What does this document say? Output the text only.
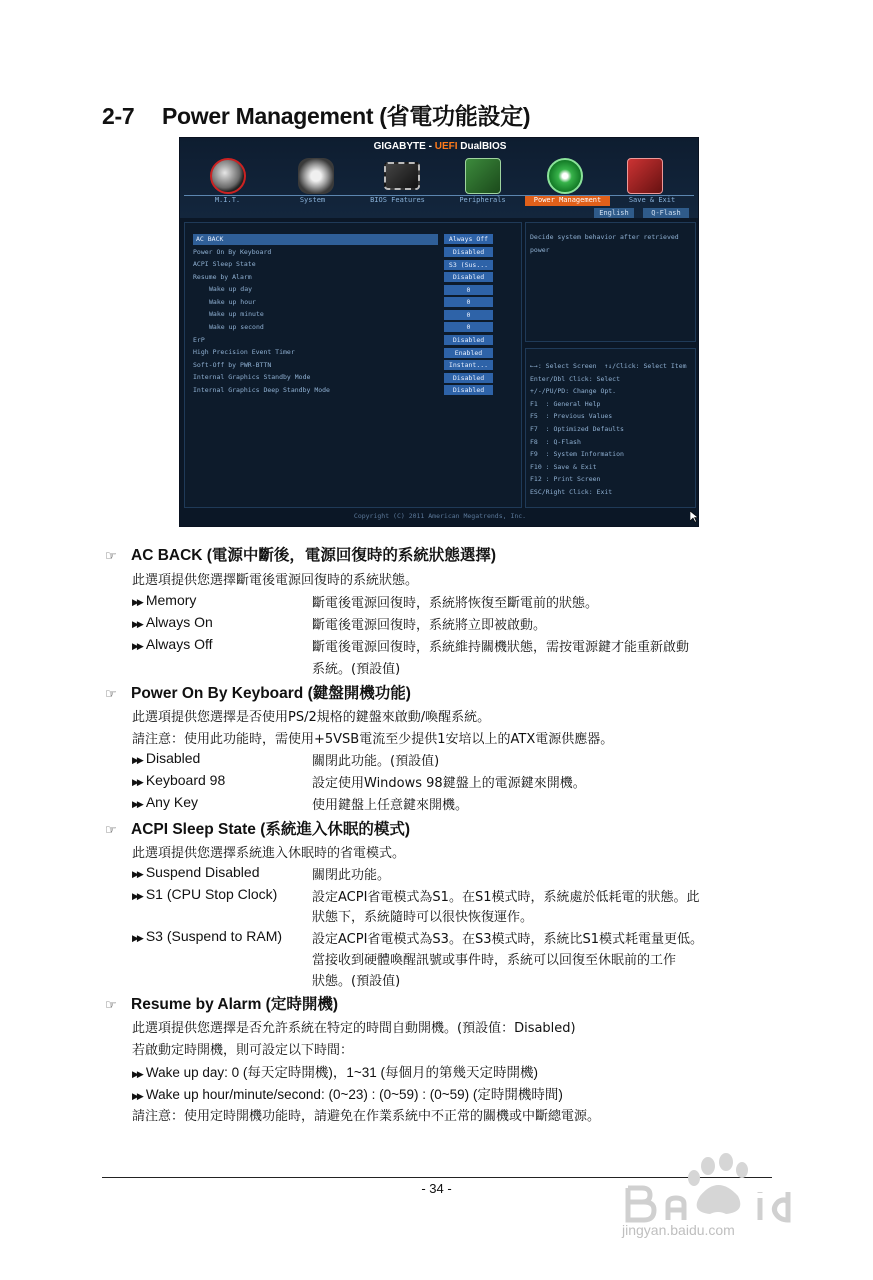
2-7 Power Management (省電功能設定)
GIGABYTE - UEFI DualBIOS
M.I.T.	System	BIOS Features	Peripherals	Power Management	Save & Exit
English	Q-Flash
AC BACK	Always Off
Power On By Keyboard	Disabled
ACPI Sleep State	S3 (Sus...
Resume by Alarm	Disabled
Wake up day	0
Wake up hour	0
Wake up minute	0
Wake up second	0
ErP	Disabled
High Precision Event Timer	Enabled
Soft-Off by PWR-BTTN	Instant...
Internal Graphics Standby Mode	Disabled
Internal Graphics Deep Standby Mode	Disabled
Decide system behavior after retrieved
power
←→: Select Screen  ↑↓/Click: Select Item
Enter/Dbl Click: Select
+/-/PU/PD: Change Opt.
F1  : General Help
F5  : Previous Values
F7  : Optimized Defaults
F8  : Q-Flash
F9  : System Information
F10 : Save & Exit
F12 : Print Screen
ESC/Right Click: Exit
Copyright (C) 2011 American Megatrends, Inc.
☞ AC BACK (電源中斷後，電源回復時的系統狀態選擇)
此選項提供您選擇斷電後電源回復時的系統狀態。
▶▶ Memory	斷電後電源回復時，系統將恢復至斷電前的狀態。
▶▶ Always On	斷電後電源回復時，系統將立即被啟動。
▶▶ Always Off	斷電後電源回復時，系統維持關機狀態，需按電源鍵才能重新啟動
系統。(預設值)
☞ Power On By Keyboard (鍵盤開機功能)
此選項提供您選擇是否使用PS/2規格的鍵盤來啟動/喚醒系統。
請注意：使用此功能時，需使用+5VSB電流至少提供1安培以上的ATX電源供應器。
▶▶ Disabled	關閉此功能。(預設值)
▶▶ Keyboard 98	設定使用Windows 98鍵盤上的電源鍵來開機。
▶▶ Any Key	使用鍵盤上任意鍵來開機。
☞ ACPI Sleep State (系統進入休眠的模式)
此選項提供您選擇系統進入休眠時的省電模式。
▶▶ Suspend Disabled	關閉此功能。
▶▶ S1 (CPU Stop Clock)	設定ACPI省電模式為S1。在S1模式時，系統處於低耗電的狀態。此
狀態下，系統隨時可以很快恢復運作。
▶▶ S3 (Suspend to RAM) 設定ACPI省電模式為S3。在S3模式時，系統比S1模式耗電量更低。
當接收到硬體喚醒訊號或事件時，系統可以回復至休眠前的工作
狀態。(預設值)
☞ Resume by Alarm (定時開機)
此選項提供您選擇是否允許系統在特定的時間自動開機。(預設值：Disabled)
若啟動定時開機，則可設定以下時間：
▶▶ Wake up day: 0 (每天定時開機)，1~31 (每個月的第幾天定時開機)
▶▶ Wake up hour/minute/second: (0~23) : (0~59) : (0~59) (定時開機時間)
請注意：使用定時開機功能時，請避免在作業系統中不正常的關機或中斷總電源。
- 34 -
jingyan.baidu.com
